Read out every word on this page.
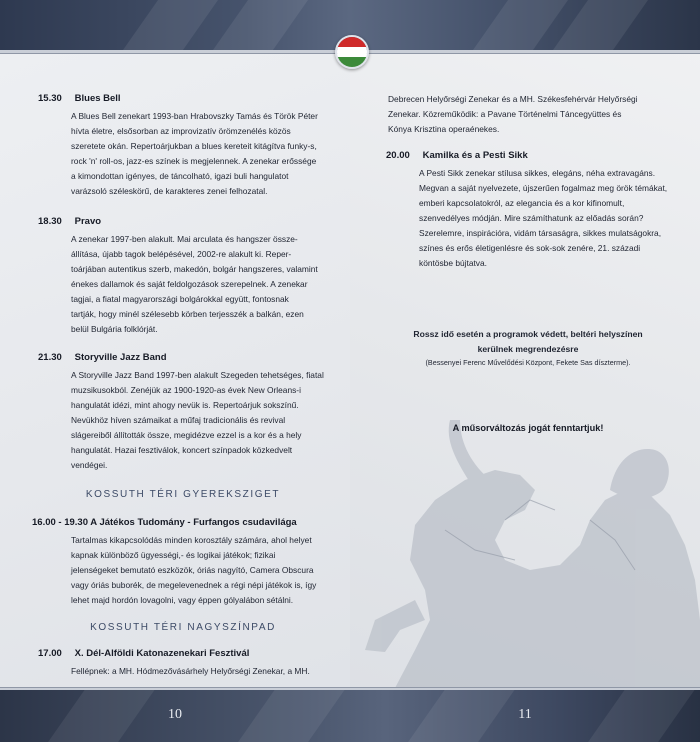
15.30 Blues Bell
A Blues Bell zenekart 1993-ban Hrabovszky Tamás és Török Péter
hívta életre, elsősorban az improvizatív örömzenélés közös
szeretete okán. Repertoárjukban a blues kereteit kitágítva funky-s,
rock 'n' roll-os, jazz-es színek is megjelennek. A zenekar erőssége
a kimondottan igényes, de táncolható, igazi buli hangulatot
varázsoló széleskörű, de karakteres zenei felhozatal.
18.30 Pravo
A zenekar 1997-ben alakult. Mai arculata és hangszer össze-
állítása, újabb tagok belépésével, 2002-re alakult ki. Reper-
toárjában autentikus szerb, makedón, bolgár hangszeres, valamint
énekes dallamok és saját feldolgozások szerepelnek. A zenekar
tagjai, a fiatal magyarországi bolgárokkal együtt, fontosnak
tartják, hogy minél szélesebb körben terjesszék a balkán, ezen
belül Bulgária folklórját.
21.30 Storyville Jazz Band
A Storyville Jazz Band 1997-ben alakult Szegeden tehetséges, fiatal
muzsikusokból. Zenéjük az 1900-1920-as évek New Orleans-i
hangulatát idézi, mint ahogy nevük is. Repertoárjuk sokszínű.
Nevükhöz híven számaikat a műfaj tradicionális és revival
slágereiből állították össze, megidézve ezzel is a kor és a hely
hangulatát. Hazai fesztiválok, koncert színpadok közkedvelt
vendégei.
KOSSUTH TÉRI GYEREKSZIGET
16.00 - 19.30 A Játékos Tudomány - Furfangos csudavilága
Tartalmas kikapcsolódás minden korosztály számára, ahol helyet
kapnak különböző ügyességi,- és logikai játékok; fizikai
jelenségeket bemutató eszközök, óriás nagyító, Camera Obscura
vagy óriás buborék, de megelevenednek a régi népi játékok is, így
lehet majd hordón lovagolni, vagy éppen gólyalábon sétálni.
KOSSUTH TÉRI NAGYSZÍNPAD
17.00 X. Dél-Alföldi Katonazenekari Fesztivál
Fellépnek: a MH. Hódmezővásárhely Helyőrségi Zenekar, a MH.
Debrecen Helyőrségi Zenekar és a MH. Székesfehérvár Helyőrségi
Zenekar. Közreműködik: a Pavane Történelmi Táncegyüttes és
Kónya Krisztina operaénekes.
20.00 Kamilka és a Pesti Sikk
A Pesti Sikk zenekar stílusa sikkes, elegáns, néha extravagáns.
Megvan a saját nyelvezete, újszerűen fogalmaz meg örök témákat,
emberi kapcsolatokról, az elegancia és a kor kifinomult,
szenvedélyes módján. Mire számíthatunk az előadás során?
Szerelemre, inspirációra, vidám társaságra, sikkes mulatságokra,
színes és erős életigenlésre és sok-sok zenére, 21. századi
köntösbe bújtatva.
Rossz idő esetén a programok védett, beltéri helyszínen
kerülnek megrendezésre
(Bessenyei Ferenc Művelődési Központ, Fekete Sas díszterme).
A műsorváltozás jogát fenntartjuk!
10	11
